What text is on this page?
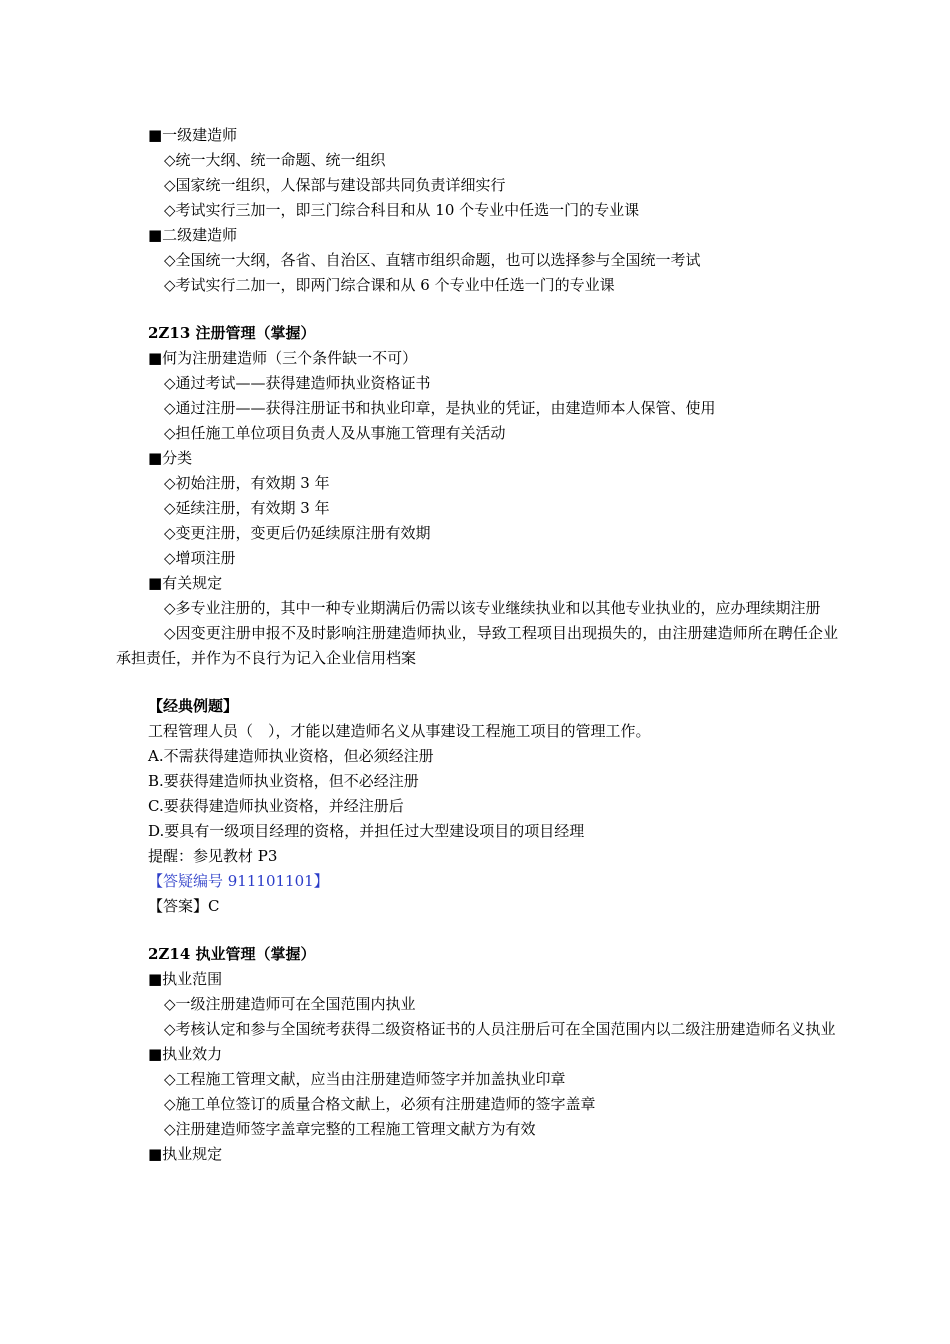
■一级建造师
◇统一大纲、统一命题、统一组织
◇国家统一组织，人保部与建设部共同负责详细实行
◇考试实行三加一，即三门综合科目和从 10 个专业中任选一门的专业课
■二级建造师
◇全国统一大纲，各省、自治区、直辖市组织命题，也可以选择参与全国统一考试
◇考试实行二加一，即两门综合课和从 6 个专业中任选一门的专业课
2Z13 注册管理（掌握）
■何为注册建造师（三个条件缺一不可）
◇通过考试——获得建造师执业资格证书
◇通过注册——获得注册证书和执业印章，是执业的凭证，由建造师本人保管、使用
◇担任施工单位项目负责人及从事施工管理有关活动
■分类
◇初始注册，有效期 3 年
◇延续注册，有效期 3 年
◇变更注册，变更后仍延续原注册有效期
◇增项注册
■有关规定
◇多专业注册的，其中一种专业期满后仍需以该专业继续执业和以其他专业执业的，应办理续期注册
◇因变更注册申报不及时影响注册建造师执业，导致工程项目出现损失的，由注册建造师所在聘任企业承担责任，并作为不良行为记入企业信用档案
【经典例题】
工程管理人员（　），才能以建造师名义从事建设工程施工项目的管理工作。
A.不需获得建造师执业资格，但必须经注册
B.要获得建造师执业资格，但不必经注册
C.要获得建造师执业资格，并经注册后
D.要具有一级项目经理的资格，并担任过大型建设项目的项目经理
提醒：参见教材 P3
【答疑编号 911101101】
【答案】C
2Z14 执业管理（掌握）
■执业范围
◇一级注册建造师可在全国范围内执业
◇考核认定和参与全国统考获得二级资格证书的人员注册后可在全国范围内以二级注册建造师名义执业
■执业效力
◇工程施工管理文献，应当由注册建造师签字并加盖执业印章
◇施工单位签订的质量合格文献上，必须有注册建造师的签字盖章
◇注册建造师签字盖章完整的工程施工管理文献方为有效
■执业规定
